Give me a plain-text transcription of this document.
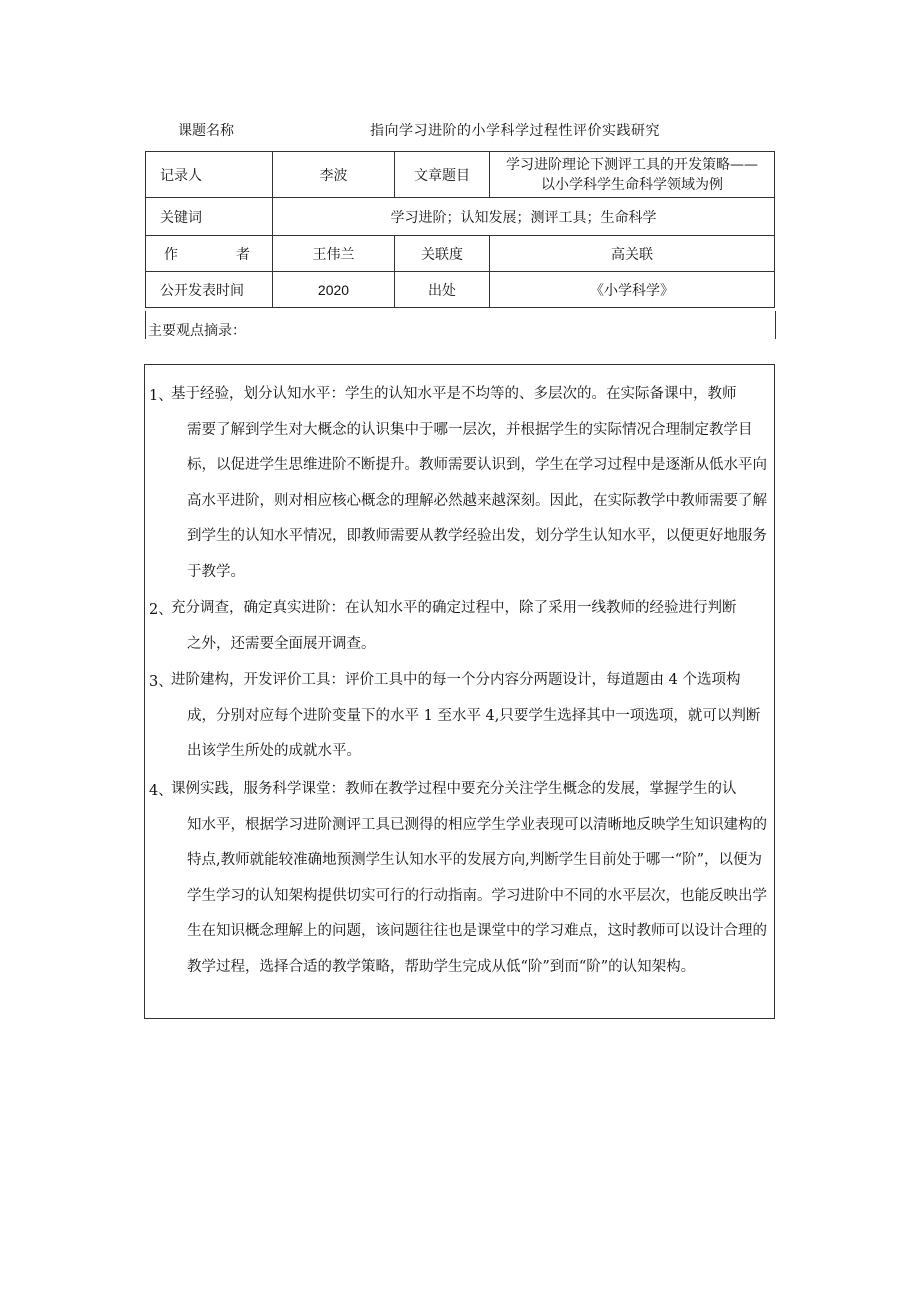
课题名称	指向学习进阶的小学科学过程性评价实践研究
记录人	李波	文章题目	学习进阶理论下测评工具的开发策略——
以小学科学生命科学领域为例

关键词	学习进阶；认知发展；测评工具；生命科学		

作 者	王伟兰	关联度	高关联
公开发表时间	2020	出处	《小学科学》
主要观点摘录：
1、
基于经验，划分认知水平：学生的认知水平是不均等的、多层次的。在实际备课中，教师
需要了解到学生对大概念的认识集中于哪一层次，并根据学生的实际情况合理制定教学目标，以促进学生思维进阶不断提升。教师需要认识到，学生在学习过程中是逐渐从低水平向高水平进阶，则对相应核心概念的理解必然越来越深刻。因此，在实际教学中教师需要了解到学生的认知水平情况，即教师需要从教学经验出发，划分学生认知水平，以便更好地服务于教学。
2、
充分调查，确定真实进阶：在认知水平的确定过程中，除了采用一线教师的经验进行判断
之外，还需要全面展开调查。
3、
进阶建构，开发评价工具：评价工具中的每一个分内容分两题设计，每道题由 4 个选项构
成，分别对应每个进阶变量下的水平 1 至水平 4,只要学生选择其中一项选项，就可以判断出该学生所处的成就水平。
4、
课例实践，服务科学课堂：教师在教学过程中要充分关注学生概念的发展，掌握学生的认
知水平，根据学习进阶测评工具已测得的相应学生学业表现可以清晰地反映学生知识建构的特点,教师就能较准确地预测学生认知水平的发展方向,判断学生目前处于哪一“阶”，以便为学生学习的认知架构提供切实可行的行动指南。学习进阶中不同的水平层次，也能反映出学生在知识概念理解上的问题，该问题往往也是课堂中的学习难点，这时教师可以设计合理的教学过程，选择合适的教学策略，帮助学生完成从低“阶”到而“阶”的认知架构。
